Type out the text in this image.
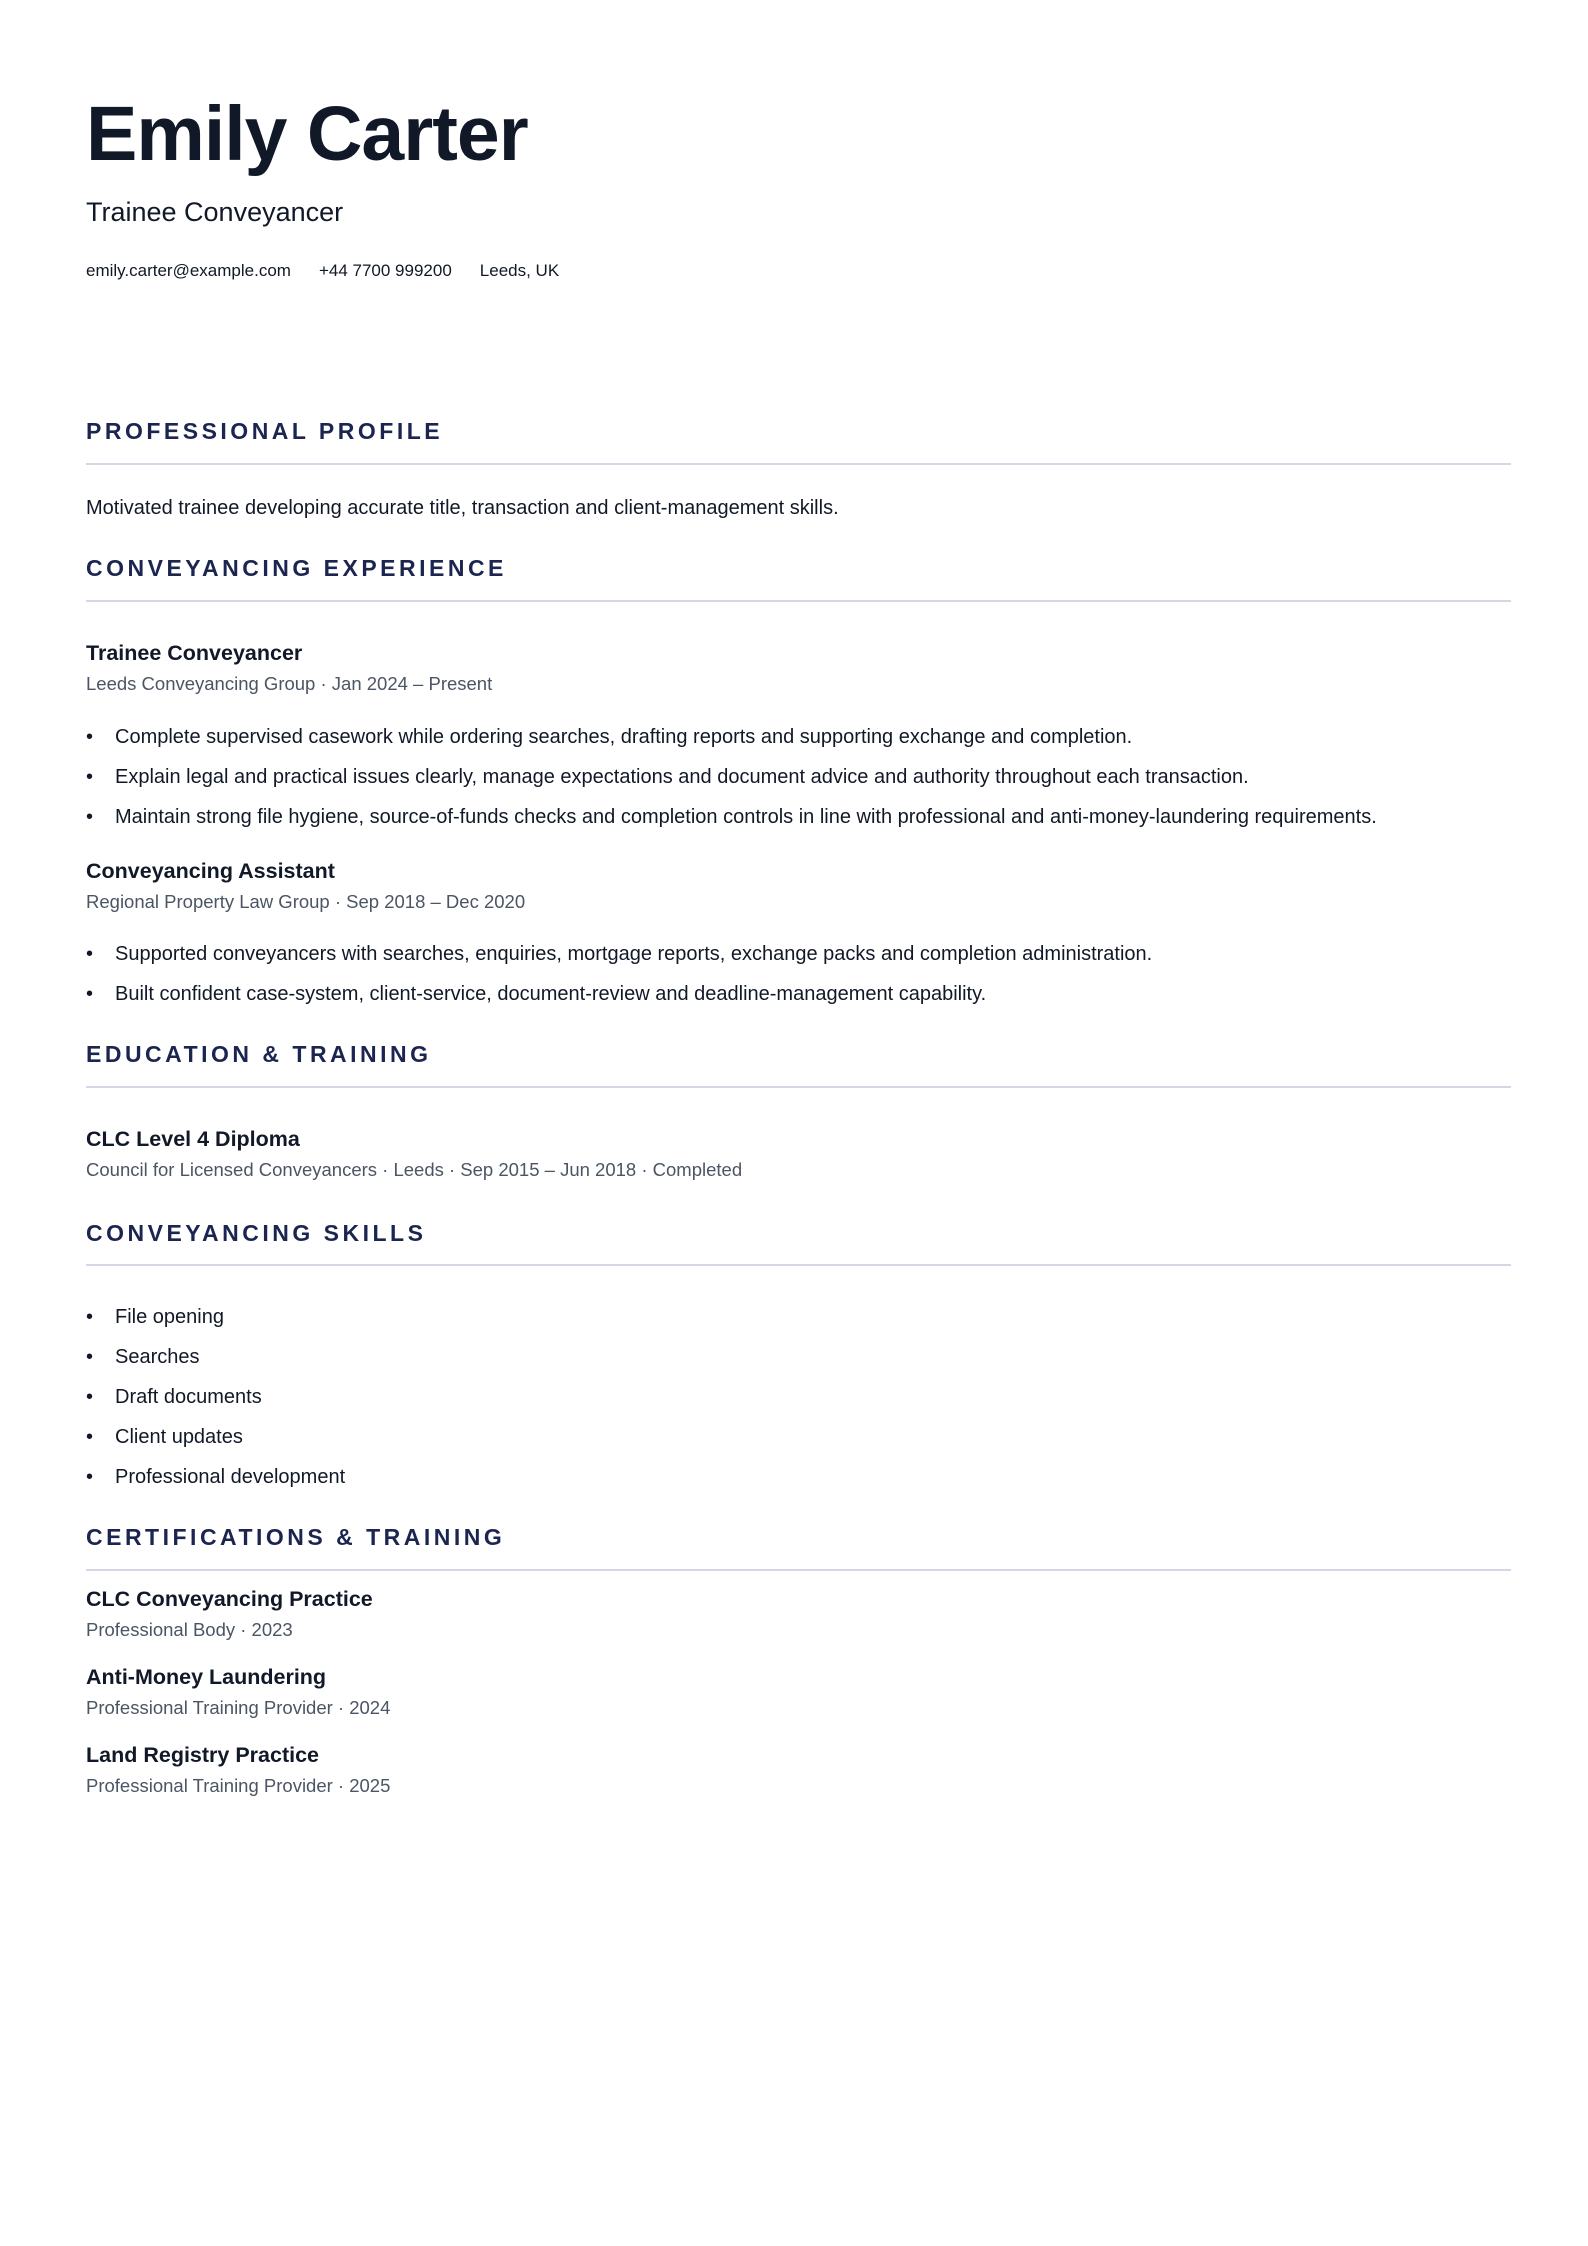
Emily Carter
Trainee Conveyancer
emily.carter@example.com +44 7700 999200 Leeds, UK
PROFESSIONAL PROFILE
Motivated trainee developing accurate title, transaction and client-management skills.
CONVEYANCING EXPERIENCE
Trainee Conveyancer
Leeds Conveyancing Group · Jan 2024 – Present
• Complete supervised casework while ordering searches, drafting reports and supporting exchange and completion.
• Explain legal and practical issues clearly, manage expectations and document advice and authority throughout each transaction.
• Maintain strong file hygiene, source-of-funds checks and completion controls in line with professional and anti-money-laundering requirements.
Conveyancing Assistant
Regional Property Law Group · Sep 2018 – Dec 2020
• Supported conveyancers with searches, enquiries, mortgage reports, exchange packs and completion administration.
• Built confident case-system, client-service, document-review and deadline-management capability.
EDUCATION & TRAINING
CLC Level 4 Diploma
Council for Licensed Conveyancers · Leeds · Sep 2015 – Jun 2018 · Completed
CONVEYANCING SKILLS
• File opening
• Searches
• Draft documents
• Client updates
• Professional development
CERTIFICATIONS & TRAINING
CLC Conveyancing Practice
Professional Body · 2023
Anti-Money Laundering
Professional Training Provider · 2024
Land Registry Practice
Professional Training Provider · 2025
